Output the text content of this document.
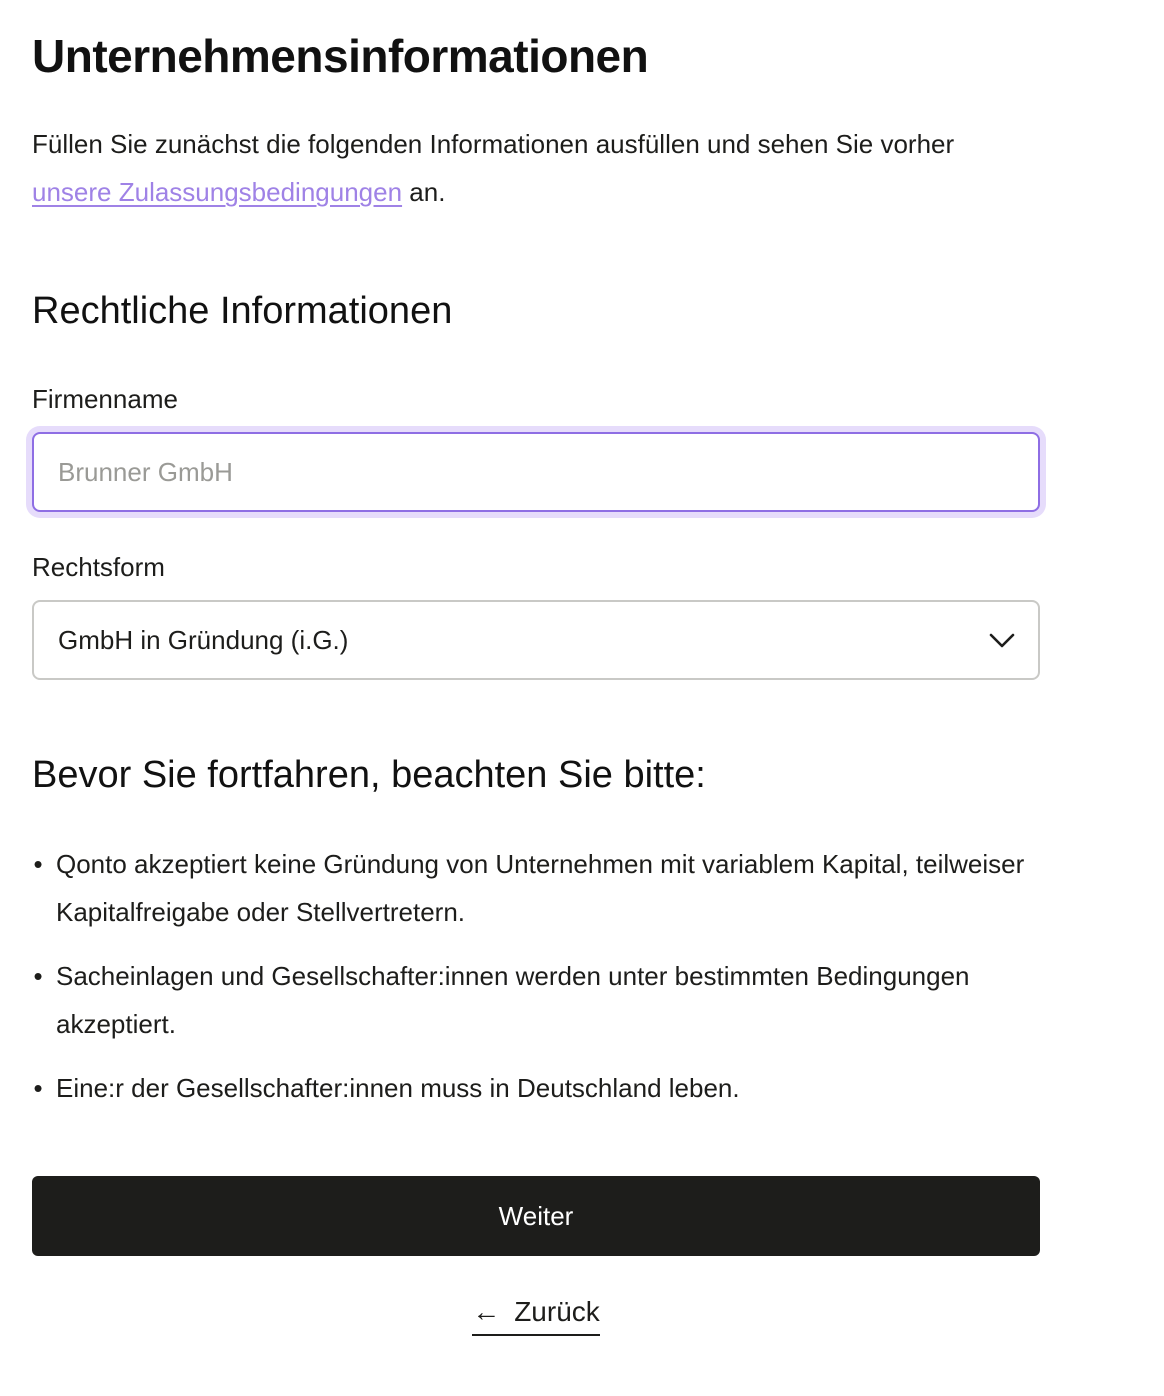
Unternehmensinformationen

Füllen Sie zunächst die folgenden Informationen ausfüllen und sehen Sie vorher unsere Zulassungsbedingungen an.

Rechtliche Informationen
Firmenname
Brunner GmbH
Rechtsform
GmbH in Gründung (i.G.)
Bevor Sie fortfahren, beachten Sie bitte:
• Qonto akzeptiert keine Gründung von Unternehmen mit variablem Kapital, teilweiser Kapitalfreigabe oder Stellvertretern.
• Sacheinlagen und Gesellschafter:innen werden unter bestimmten Bedingungen akzeptiert.
• Eine:r der Gesellschafter:innen muss in Deutschland leben.
Weiter
← Zurück
